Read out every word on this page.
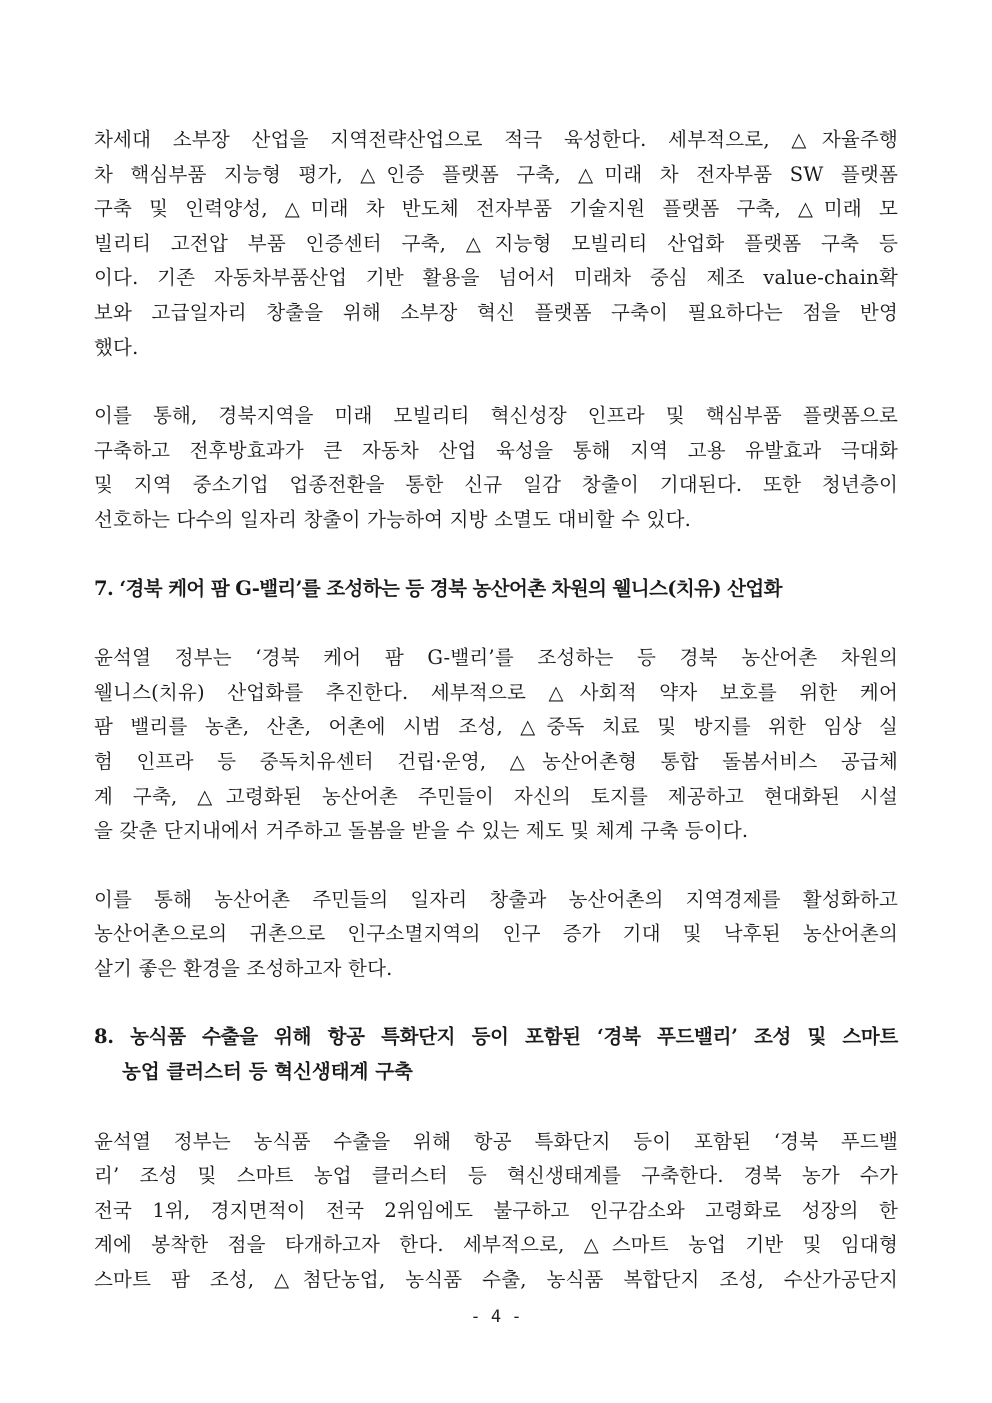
차세대 소부장 산업을 지역전략산업으로 적극 육성한다. 세부적으로, △자율주행
차 핵심부품 지능형 평가, △인증 플랫폼 구축, △미래 차 전자부품 SW 플랫폼
구축 및 인력양성, △미래 차 반도체 전자부품 기술지원 플랫폼 구축, △미래 모
빌리티 고전압 부품 인증센터 구축, △지능형 모빌리티 산업화 플랫폼 구축 등
이다. 기존 자동차부품산업 기반 활용을 넘어서 미래차 중심 제조 value-chain확
보와 고급일자리 창출을 위해 소부장 혁신 플랫폼 구축이 필요하다는 점을 반영
했다.

이를 통해, 경북지역을 미래 모빌리티 혁신성장 인프라 및 핵심부품 플랫폼으로
구축하고 전후방효과가 큰 자동차 산업 육성을 통해 지역 고용 유발효과 극대화
및 지역 중소기업 업종전환을 통한 신규 일감 창출이 기대된다. 또한 청년층이
선호하는 다수의 일자리 창출이 가능하여 지방 소멸도 대비할 수 있다.

7. ‘경북 케어 팜 G-밸리’를 조성하는 등 경북 농산어촌 차원의 웰니스(치유) 산업화

윤석열 정부는 ‘경북 케어 팜 G-밸리’를 조성하는 등 경북 농산어촌 차원의
웰니스(치유) 산업화를 추진한다. 세부적으로 △사회적 약자 보호를 위한 케어
팜 밸리를 농촌, 산촌, 어촌에 시범 조성, △중독 치료 및 방지를 위한 임상 실
험 인프라 등 중독치유센터 건립·운영, △농산어촌형 통합 돌봄서비스 공급체
계 구축, △고령화된 농산어촌 주민들이 자신의 토지를 제공하고 현대화된 시설
을 갖춘 단지내에서 거주하고 돌봄을 받을 수 있는 제도 및 체계 구축 등이다.

이를 통해 농산어촌 주민들의 일자리 창출과 농산어촌의 지역경제를 활성화하고
농산어촌으로의 귀촌으로 인구소멸지역의 인구 증가 기대 및 낙후된 농산어촌의
살기 좋은 환경을 조성하고자 한다.

8. 농식품 수출을 위해 항공 특화단지 등이 포함된 ‘경북 푸드밸리’ 조성 및 스마트
농업 클러스터 등 혁신생태계 구축

윤석열 정부는 농식품 수출을 위해 항공 특화단지 등이 포함된 ‘경북 푸드밸
리’ 조성 및 스마트 농업 클러스터 등 혁신생태계를 구축한다. 경북 농가 수가
전국 1위, 경지면적이 전국 2위임에도 불구하고 인구감소와 고령화로 성장의 한
계에 봉착한 점을 타개하고자 한다. 세부적으로, △스마트 농업 기반 및 임대형
스마트 팜 조성, △첨단농업, 농식품 수출, 농식품 복합단지 조성, 수산가공단지

- 4 -
